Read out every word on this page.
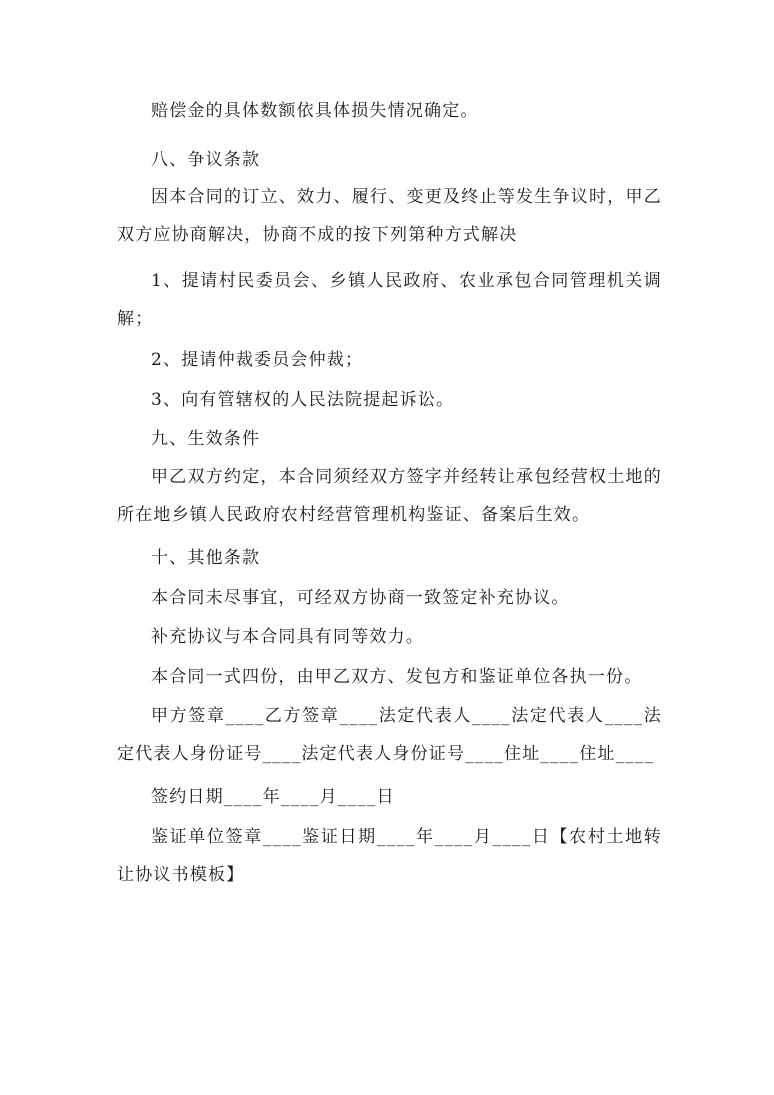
赔偿金的具体数额依具体损失情况确定。

八、争议条款

因本合同的订立、效力、履行、变更及终止等发生争议时，甲乙双方应协商解决，协商不成的按下列第种方式解决

1、提请村民委员会、乡镇人民政府、农业承包合同管理机关调解；

2、提请仲裁委员会仲裁；

3、向有管辖权的人民法院提起诉讼。

九、生效条件

甲乙双方约定，本合同须经双方签字并经转让承包经营权土地的所在地乡镇人民政府农村经营管理机构鉴证、备案后生效。

十、其他条款

本合同未尽事宜，可经双方协商一致签定补充协议。

补充协议与本合同具有同等效力。

本合同一式四份，由甲乙双方、发包方和鉴证单位各执一份。

甲方签章____乙方签章____法定代表人____法定代表人____法定代表人身份证号____法定代表人身份证号____住址____住址____

签约日期____年____月____日

鉴证单位签章____鉴证日期____年____月____日【农村土地转让协议书模板】
